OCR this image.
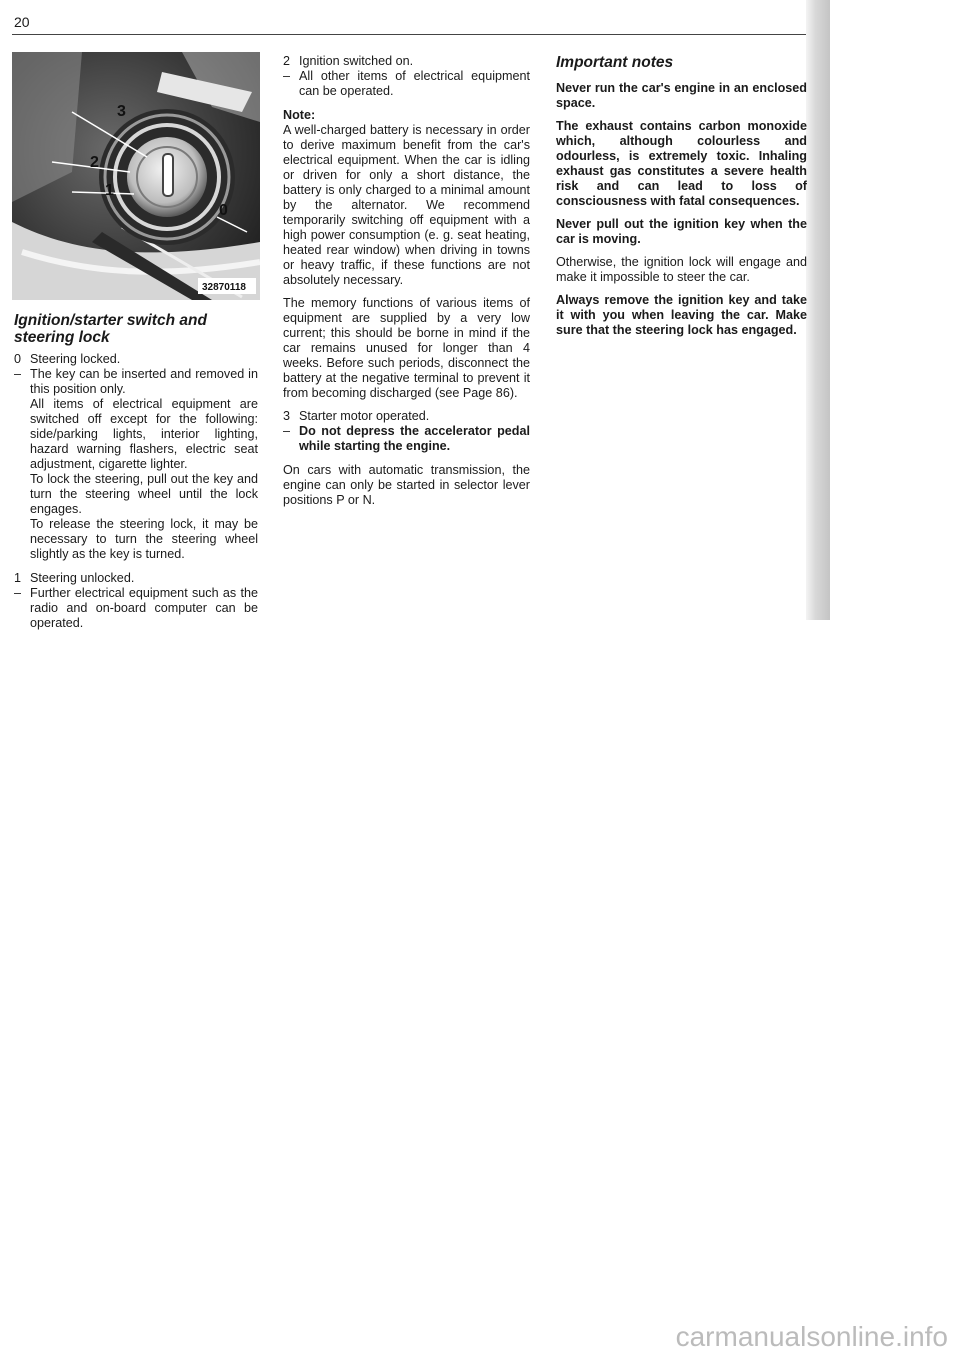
20
3
2
1
0
32870118
Ignition/starter switch and steering lock
0 –
Steering locked.
The key can be inserted and removed in this position only.
All items of electrical equipment are switched off except for the following: side/parking lights, interior lighting, hazard warning flashers, electric seat adjustment, cigarette lighter.
To lock the steering, pull out the key and turn the steering wheel until the lock engages.
To release the steering lock, it may be necessary to turn the steering wheel slightly as the key is turned.
1 –
Steering unlocked.
Further electrical equipment such as the radio and on-board computer can be operated.
2 –
Ignition switched on.
All other items of electrical equipment can be operated.

Note:
A well-charged battery is necessary in order to derive maximum benefit from the car's electrical equipment. When the car is idling or driven for only a short distance, the battery is only charged to a minimal amount by the alternator. We recommend temporarily switching off equipment with a high power consumption (e. g. seat heating, heated rear window) when driving in towns or heavy traffic, if these functions are not absolutely necessary.

The memory functions of various items of equipment are supplied by a very low current; this should be borne in mind if the car remains unused for longer than 4 weeks. Before such periods, disconnect the battery at the negative terminal to prevent it from becoming discharged (see Page 86).

3 –
Starter motor operated.
Do not depress the accelerator pedal while starting the engine.

On cars with automatic transmission, the engine can only be started in selector lever positions P or N.

Important notes

Never run the car's engine in an enclosed space.

The exhaust contains carbon monoxide which, although colourless and odourless, is extremely toxic. Inhaling exhaust gas constitutes a severe health risk and can lead to loss of consciousness with fatal consequences.

Never pull out the ignition key when the car is moving.

Otherwise, the ignition lock will engage and make it impossible to steer the car.

Always remove the ignition key and take it with you when leaving the car. Make sure that the steering lock has engaged.

carmanualsonline.info
